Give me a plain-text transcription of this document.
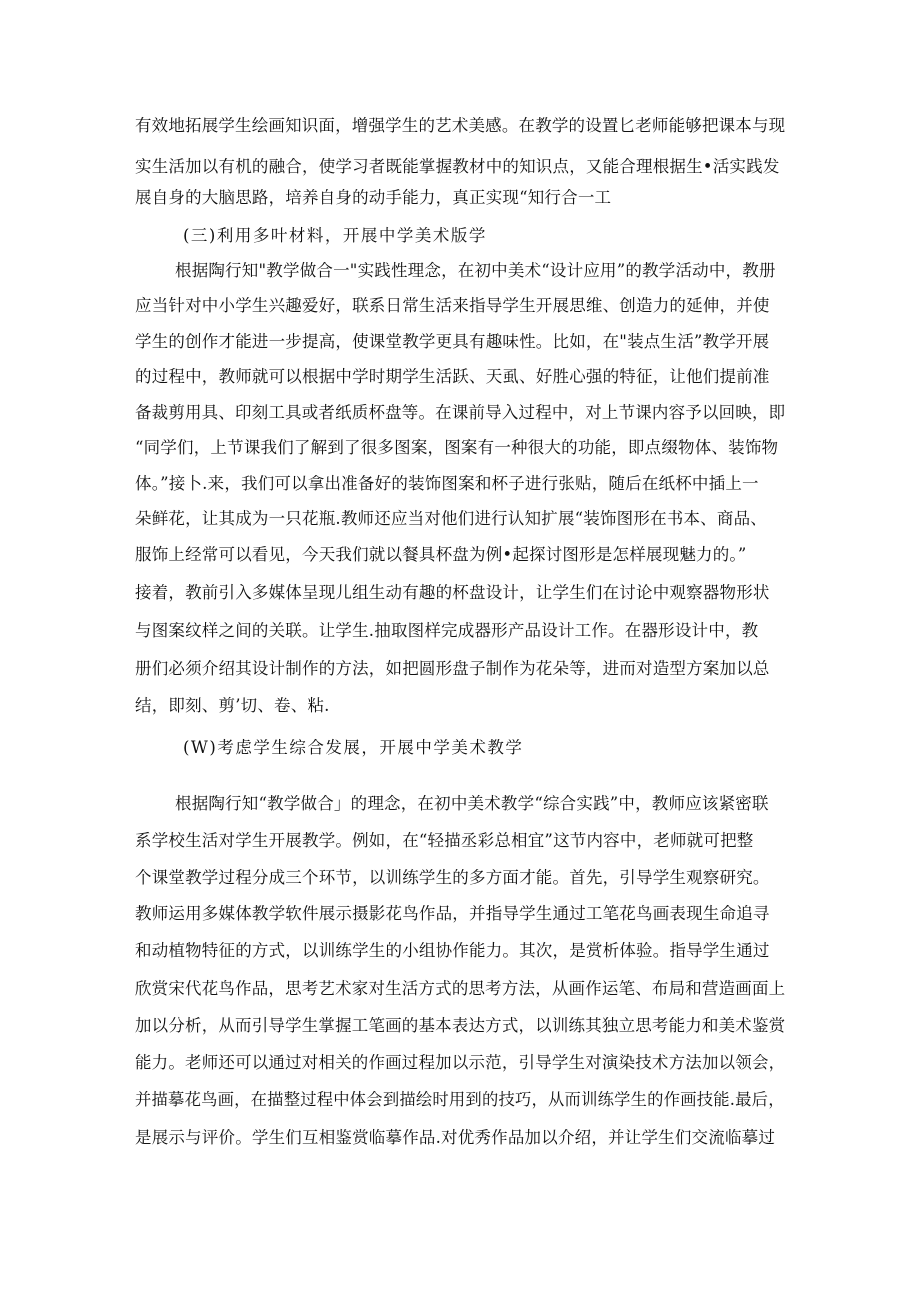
有效地拓展学生绘画知识面，增强学生的艺术美感。在教学的设置匕老师能够把课本与现
实生活加以有机的融合，使学习者既能掌握教材中的知识点，又能合理根据生•活实践发
展自身的大脑思路，培养自身的动手能力，真正实现“知行合一工
(三)利用多叶材料，开展中学美术版学
根据陶行知"教学做合一"实践性理念，在初中美术“设计应用”的教学活动中，教册
应当针对中小学生兴趣爱好，联系日常生活来指导学生开展思维、创造力的延伸，并使
学生的创作才能进一步提高，使课堂教学更具有趣味性。比如，在"装点生活”教学开展
的过程中，教师就可以根据中学时期学生活跃、天虱、好胜心强的特征，让他们提前准
备裁剪用具、印刻工具或者纸质杯盘等。在课前导入过程中，对上节课内容予以回映，即
“同学们，上节课我们了解到了很多图案，图案有一种很大的功能，即点缀物体、装饰物
体。”接卜.来，我们可以拿出准备好的装饰图案和杯子进行张贴，随后在纸杯中插上一
朵鲜花，让其成为一只花瓶.教师还应当对他们进行认知扩展“装饰图形在书本、商品、
服饰上经常可以看见，今天我们就以餐具杯盘为例•起探讨图形是怎样展现魅力的。”
接着，教前引入多媒体呈现儿组生动有趣的杯盘设计，让学生们在讨论中观察器物形状
与图案纹样之间的关联。让学生.抽取图样完成器形产品设计工作。在器形设计中，教
册们必须介绍其设计制作的方法，如把圆形盘子制作为花朵等，进而对造型方案加以总
结，即刻、剪’切、卷、粘.
(W)考虑学生综合发展，开展中学美术教学
根据陶行知“教学做合」的理念，在初中美术教学“综合实践”中，教师应该紧密联
系学校生活对学生开展教学。例如，在“轻描丞彩总相宜”这节内容中，老师就可把整
个课堂教学过程分成三个环节，以训练学生的多方面才能。首先，引导学生观察研究。
教师运用多媒体教学软件展示摄影花鸟作品，并指导学生通过工笔花鸟画表现生命追寻
和动植物特征的方式，以训练学生的小组协作能力。其次，是赏析体验。指导学生通过
欣赏宋代花鸟作品，思考艺术家对生活方式的思考方法，从画作运笔、布局和营造画面上
加以分析，从而引导学生掌握工笔画的基本表达方式，以训练其独立思考能力和美术鉴赏
能力。老师还可以通过对相关的作画过程加以示范，引导学生对演染技术方法加以领会，
并描摹花鸟画，在描整过程中体会到描绘时用到的技巧，从而训练学生的作画技能.最后，
是展示与评价。学生们互相鉴赏临摹作品.对优秀作品加以介绍，并让学生们交流临摹过
